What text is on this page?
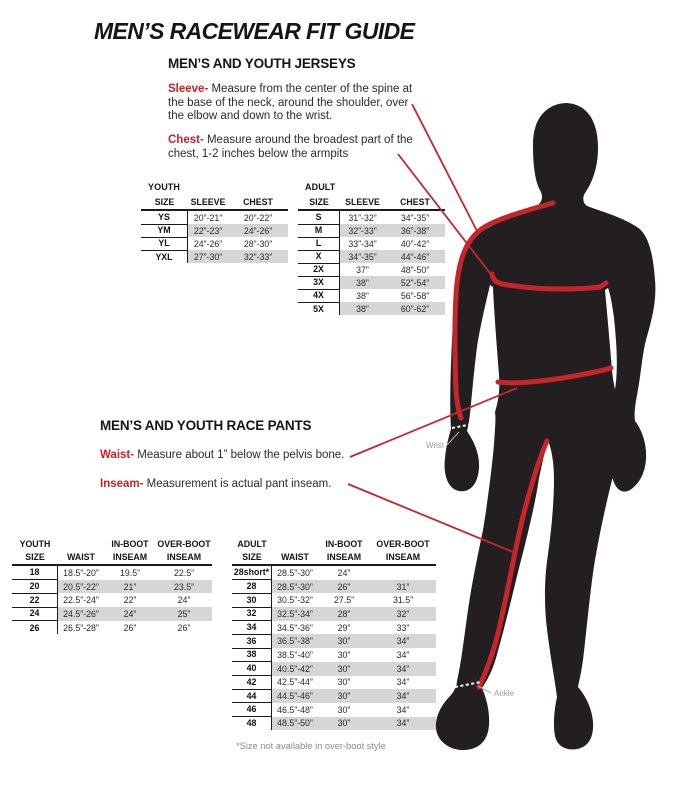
MEN’S RACEWEAR FIT GUIDE
MEN’S AND YOUTH JERSEYS
Sleeve- Measure from the center of the spine at the base of the neck, around the shoulder, over the elbow and down to the wrist.
Chest- Measure around the broadest part of the chest, 1-2 inches below the armpits
YOUTH
SIZE	SLEEVE	CHEST
YS	20”-21”	20”-22”
YM	22”-23”	24”-26”
YL	24”-26”	28”-30”
YXL	27”-30”	32”-33”
ADULT
SIZE	SLEEVE	CHEST
S	31”-32”	34”-35”
M	32”-33”	36”-38”
L	33”-34”	40”-42”
X	34”-35”	44”-46”
2X	37”	48”-50”
3X	38”	52”-54”
4X	38”	56”-58”
5X	38”	60”-62”
MEN’S AND YOUTH RACE PANTS
Waist- Measure about 1” below the pelvis bone.
Inseam- Measurement is actual pant inseam.
YOUTH
SIZE
	WAIST
IN-BOOT
INSEAM
OVER-BOOT
INSEAM
18	18.5”-20”	19.5”	22.5”
20	20.5”-22”	21”	23.5”
22	22.5”-24”	22”	24”
24	24.5”-26”	24”	25”
26	26.5”-28”	26”	26”
ADULT
SIZE
	WAIST
IN-BOOT
INSEAM
OVER-BOOT
INSEAM
28short* 28.5”-30”	24”
28	28.5”-30”	26”	31”
30	30.5”-32”	27.5”	31.5”
32	32.5”-34”	28”	32”
34	34.5”-36”	29”	33”
36	36.5”-38”	30”	34”
38	38.5”-40”	30”	34”
40	40.5”-42”	30”	34”
42	42.5”-44”	30”	34”
44	44.5”-46”	30”	34”
46	46.5”-48”	30”	34”
48	48.5”-50”	30”	34”
*Size not available in over-boot style
Wrist
Ankle
